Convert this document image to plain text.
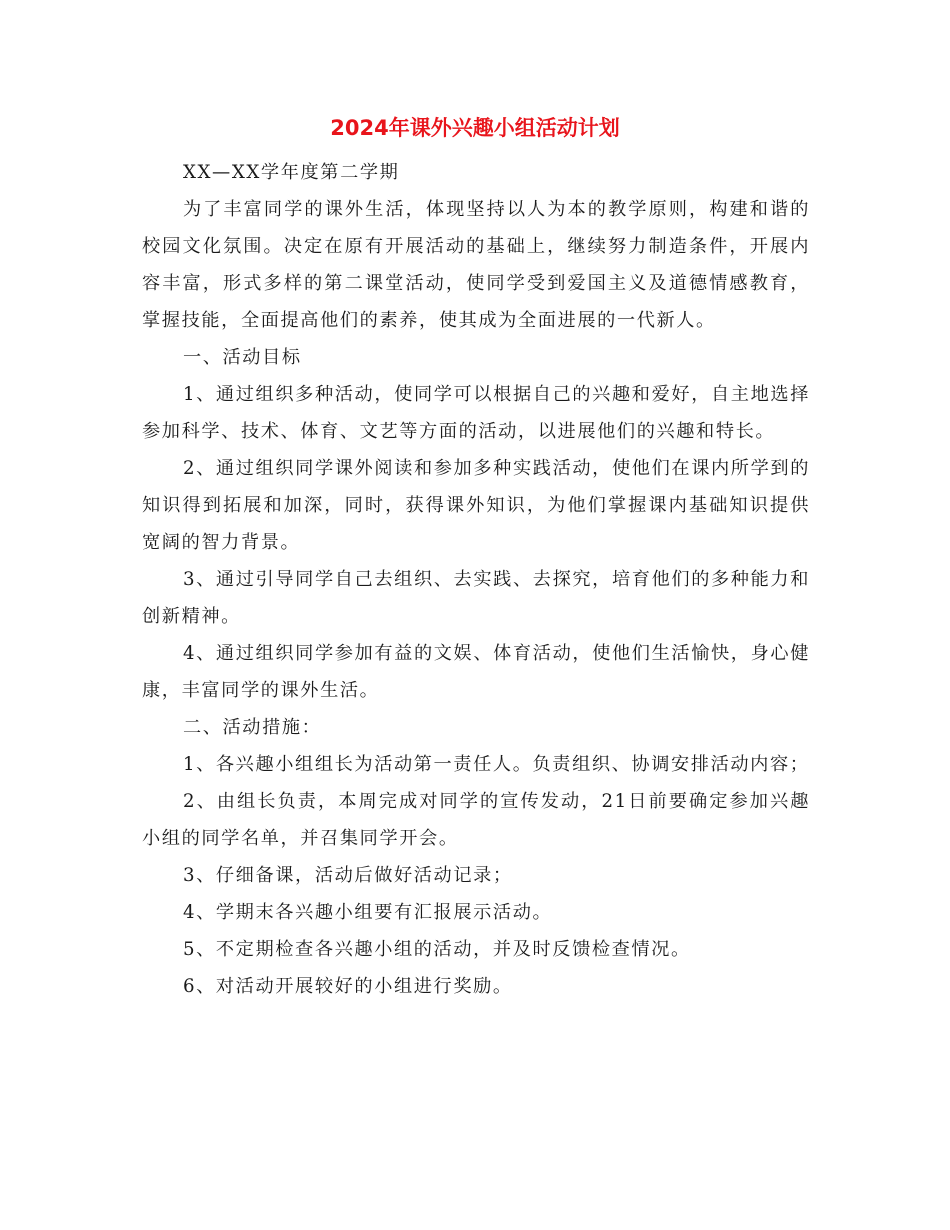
2024年课外兴趣小组活动计划

XX—XX学年度第二学期

为了丰富同学的课外生活，体现坚持以人为本的教学原则，构建和谐的校园文化氛围。决定在原有开展活动的基础上，继续努力制造条件，开展内容丰富，形式多样的第二课堂活动，使同学受到爱国主义及道德情感教育，掌握技能，全面提高他们的素养，使其成为全面进展的一代新人。

一、活动目标

1、通过组织多种活动，使同学可以根据自己的兴趣和爱好，自主地选择参加科学、技术、体育、文艺等方面的活动，以进展他们的兴趣和特长。

2、通过组织同学课外阅读和参加多种实践活动，使他们在课内所学到的知识得到拓展和加深，同时，获得课外知识，为他们掌握课内基础知识提供宽阔的智力背景。

3、通过引导同学自己去组织、去实践、去探究，培育他们的多种能力和创新精神。

4、通过组织同学参加有益的文娱、体育活动，使他们生活愉快，身心健康，丰富同学的课外生活。

二、活动措施：

1、各兴趣小组组长为活动第一责任人。负责组织、协调安排活动内容；

2、由组长负责，本周完成对同学的宣传发动，21日前要确定参加兴趣小组的同学名单，并召集同学开会。

3、仔细备课，活动后做好活动记录；

4、学期末各兴趣小组要有汇报展示活动。

5、不定期检查各兴趣小组的活动，并及时反馈检查情况。

6、对活动开展较好的小组进行奖励。
